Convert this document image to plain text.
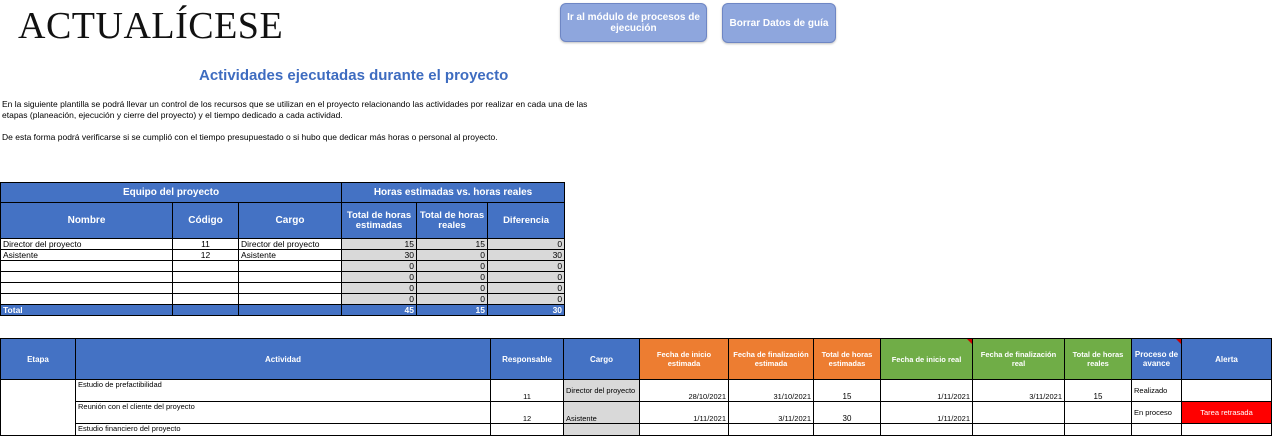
ACTUALÍCESE	Ir al módulo de procesos de ejecución	Borrar Datos de guía
Actividades ejecutadas durante el proyecto
En la siguiente plantilla se podrá llevar un control de los recursos que se utilizan en el proyecto relacionando las actividades por realizar en cada una de las
etapas (planeación, ejecución y cierre del proyecto) y el tiempo dedicado a cada actividad.
De esta forma podrá verificarse si se cumplió con el tiempo presupuestado o si hubo que dedicar más horas o personal al proyecto.
Equipo del proyecto			Horas estimadas vs. horas reales		
Nombre	Código	Cargo	Total de horas estimadas	Total de horas reales	Diferencia
Director del proyecto	11	Director del proyecto	15	15	0
Asistente	12	Asistente	30	0	30
			0	0	0
			0	0	0
			0	0	0
			0	0	0
Total			45	15	30
Etapa	Actividad	Responsable	Cargo	Fecha de inicio estimada	Fecha de finalización estimada	Total de horas estimadas	Fecha de inicio real	Fecha de finalización real	Total de horas reales	Proceso de avance	Alerta
	Estudio de prefactibilidad	11	Director del proyecto	28/10/2021	31/10/2021	15	1/11/2021	3/11/2021	15	Realizado	
	Reunión con el cliente del proyecto	12	Asistente	1/11/2021	3/11/2021	30	1/11/2021			En proceso	Tarea retrasada
	Estudio financiero del proyecto										
